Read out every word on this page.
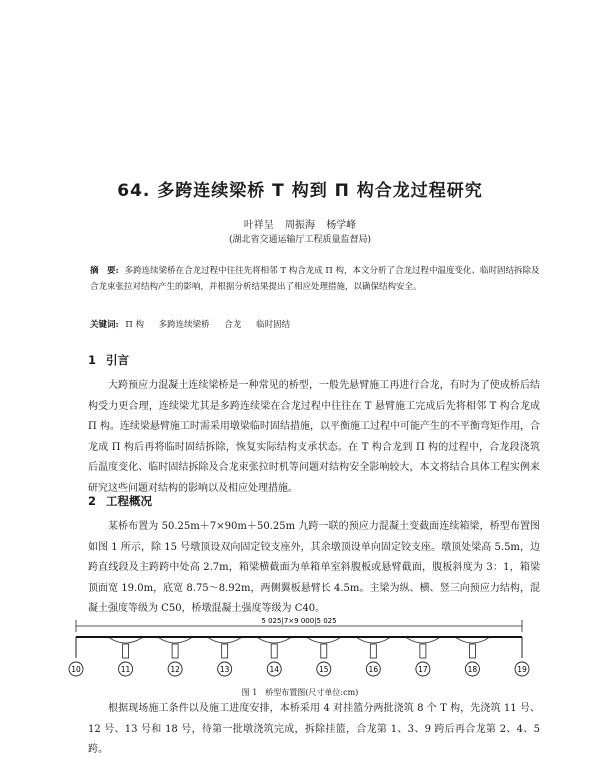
64. 多跨连续梁桥 T 构到 Π 构合龙过程研究
叶祥呈 周振海 杨学峰
(湖北省交通运输厅工程质量监督局)
摘　要: 多跨连续梁桥在合龙过程中往往先将相邻 T 构合龙成 Π 构，本文分析了合龙过程中温度变化、临时固结拆除及合龙束张拉对结构产生的影响，并根据分析结果提出了相应处理措施，以确保结构安全。
关键词: Π 构 多跨连续梁桥 合龙 临时固结
1 引言
大跨预应力混凝土连续梁桥是一种常见的桥型，一般先悬臂施工再进行合龙，有时为了使成桥后结构受力更合理，连续梁尤其是多跨连续梁在合龙过程中往往在 T 悬臂施工完成后先将相邻 T 构合龙成 Π 构。连续梁悬臂施工时需采用墩梁临时固结措施，以平衡施工过程中可能产生的不平衡弯矩作用，合龙成 Π 构后再将临时固结拆除，恢复实际结构支承状态。在 T 构合龙到 Π 构的过程中，合龙段浇筑后温度变化、临时固结拆除及合龙束张拉时机等问题对结构安全影响较大，本文将结合具体工程实例来研究这些问题对结构的影响以及相应处理措施。
2 工程概况
某桥布置为 50.25m＋7×90m＋50.25m 九跨一联的预应力混凝土变截面连续箱梁，桥型布置图如图 1 所示，除 15 号墩顶设双向固定铰支座外，其余墩顶设单向固定铰支座。墩顶处梁高 5.5m，边跨直线段及主跨跨中处高 2.7m，箱梁横截面为单箱单室斜腹板或悬臂截面，腹板斜度为 3：1，箱梁顶面宽 19.0m，底宽 8.75～8.92m，两侧翼板悬臂长 4.5m。主梁为纵、横、竖三向预应力结构，混凝土强度等级为 C50，桥墩混凝土强度等级为 C40。
5 025|7×9 000|5 025
10	11	12	13	14	15	16	17	18	19
图 1　桥型布置图(尺寸单位:cm)
根据现场施工条件以及施工进度安排，本桥采用 4 对挂篮分两批浇筑 8 个 T 构，先浇筑 11 号、12 号、13 号和 18 号，待第一批墩浇筑完成，拆除挂篮，合龙第 1、3、9 跨后再合龙第 2、4、5 跨。
